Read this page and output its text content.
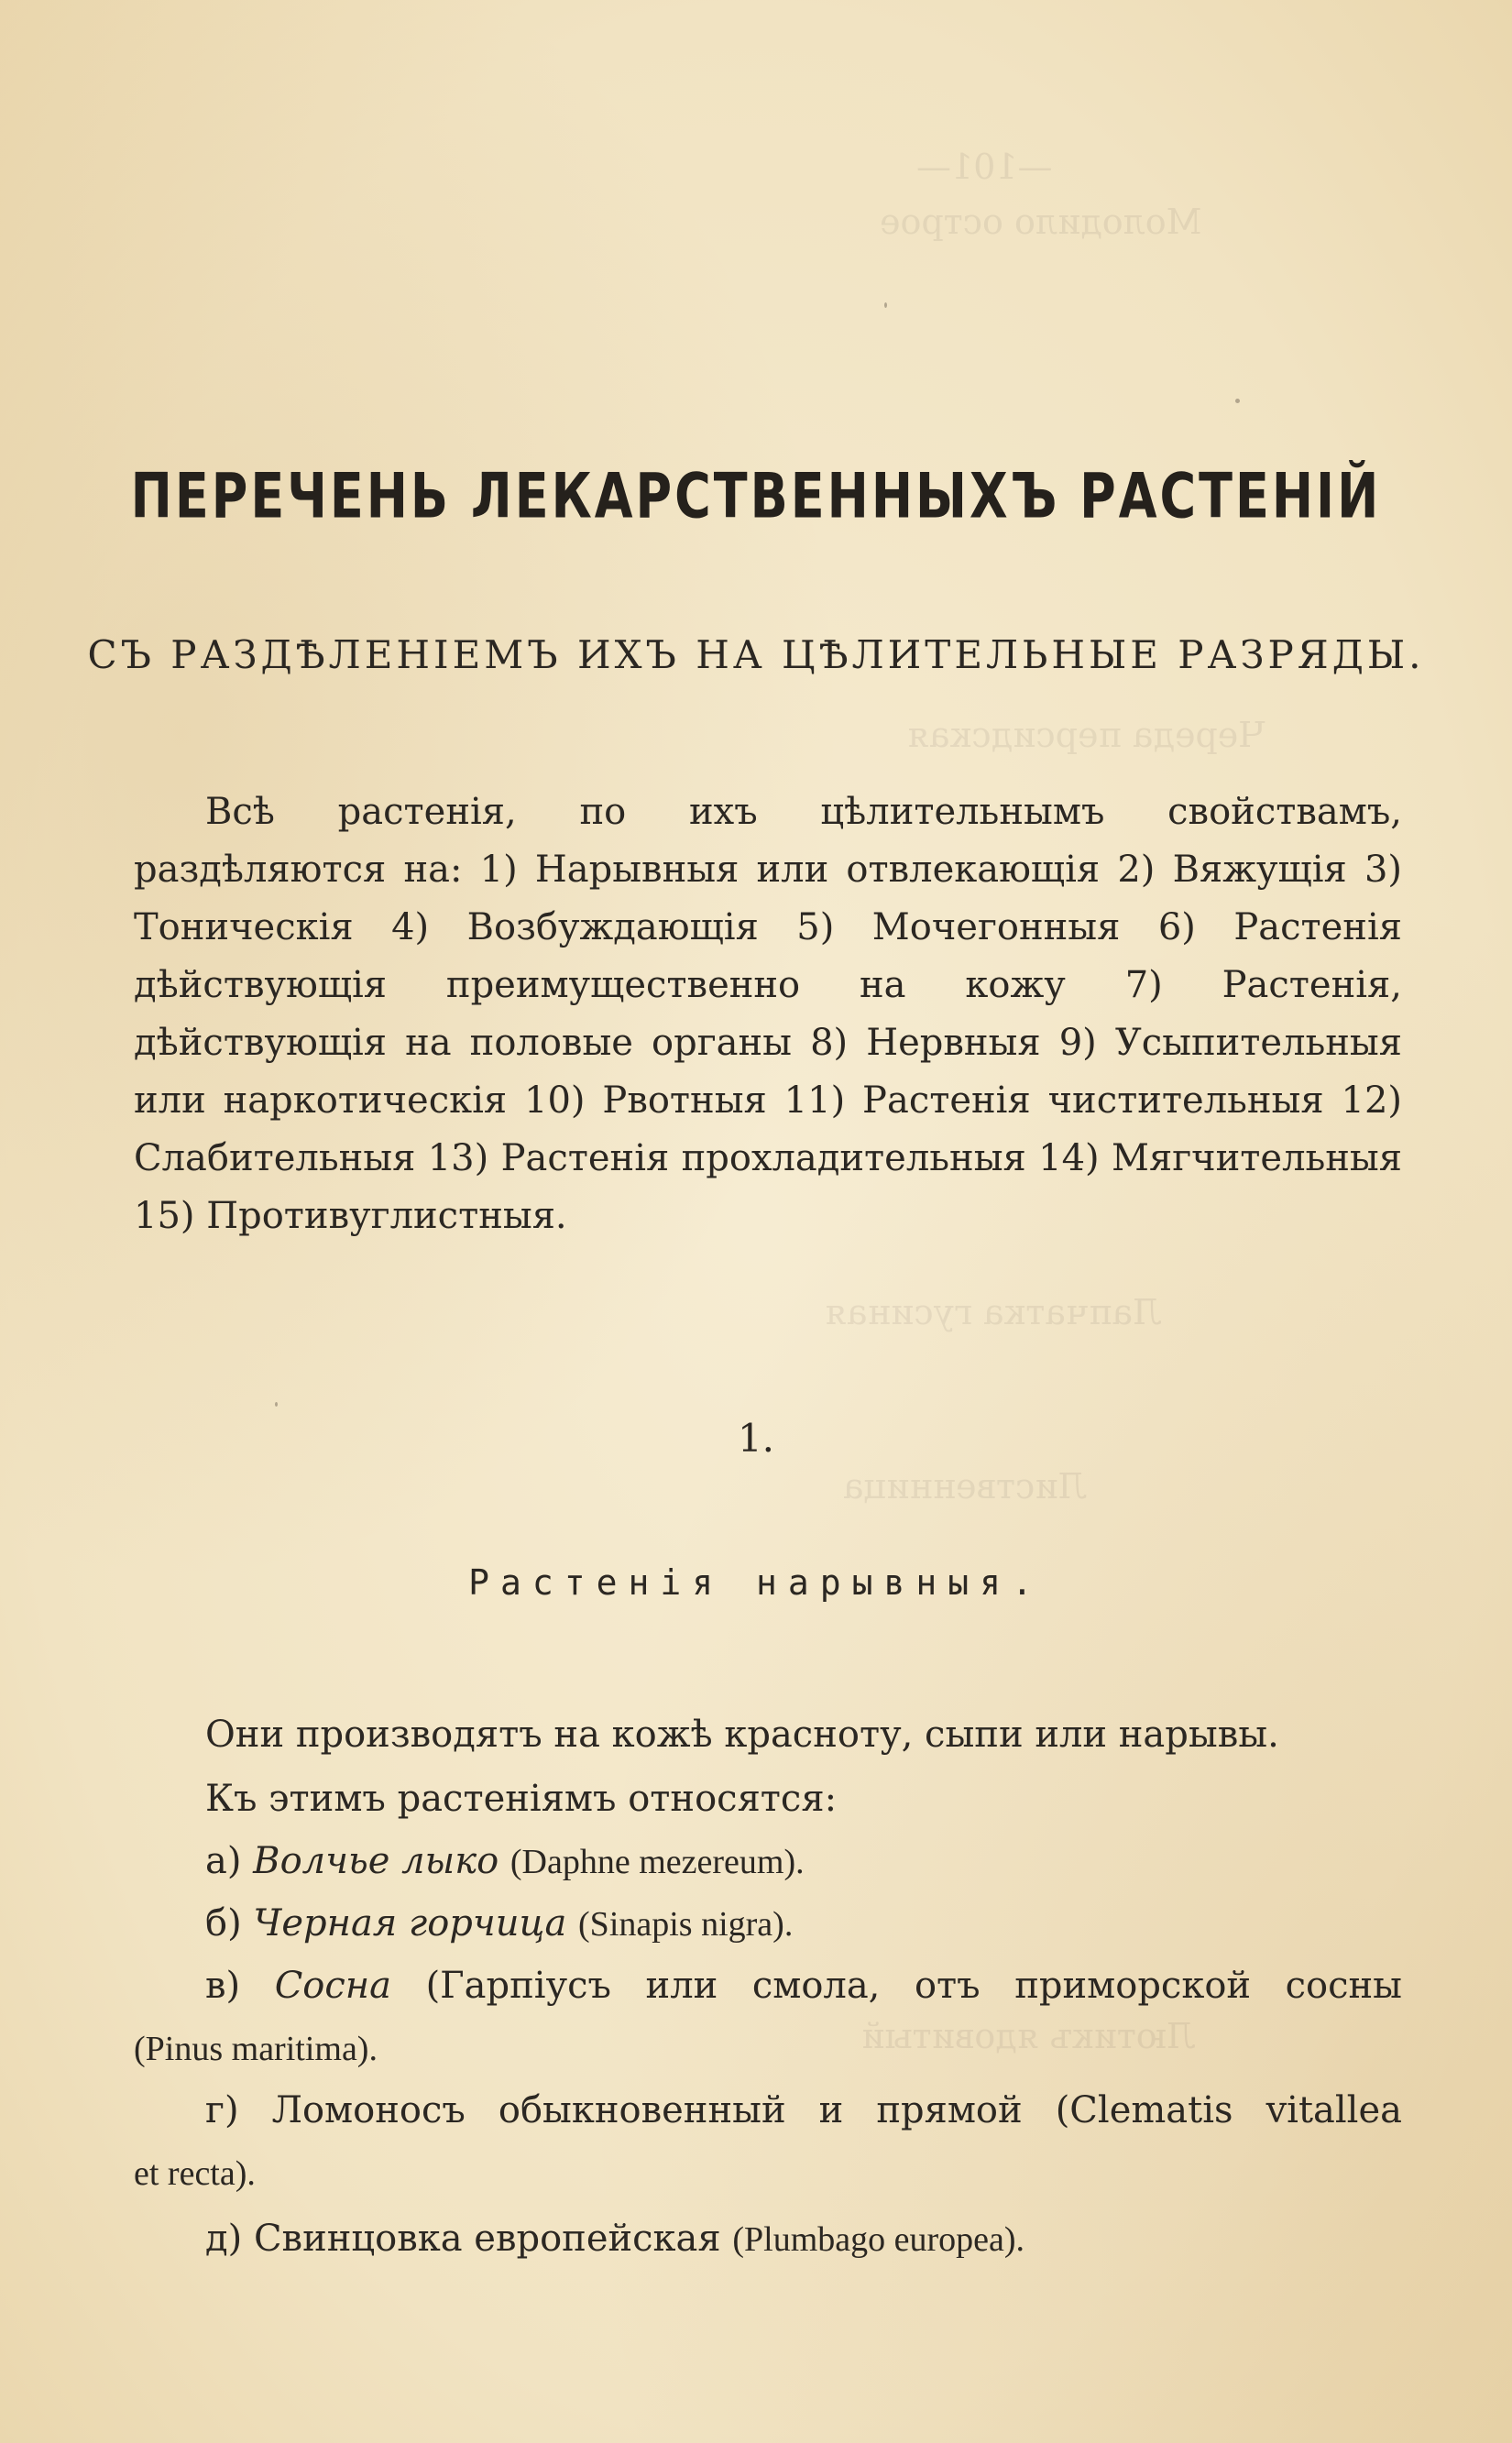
—101—
Молодило острое
Череда персидская
Лапчатка гусиная
Лиственница
Лютикъ ядовитый
ПЕРЕЧЕНЬ ЛЕКАРСТВЕННЫХЪ РАСТЕНІЙ
СЪ РАЗДѢЛЕНІЕМЪ ИХЪ НА ЦѢЛИТЕЛЬНЫЕ РАЗРЯДЫ.
Всѣ растенія, по ихъ цѣлительнымъ свойствамъ, раздѣляются на: 1) Нарывныя или отвлекающія 2) Вяжущія 3) Тоническія 4) Возбуждающія 5) Мочегонныя 6) Растенія дѣйствующія преимущественно на кожу 7) Растенія, дѣйствующія на половые органы 8) Нервныя 9) Усыпительныя или наркотическія 10) Рвотныя 11) Растенія чистительныя 12) Слабительныя 13) Растенія прохладительныя 14) Мягчительныя 15) Противуглистныя.
1.
Растенія нарывныя.
Они производятъ на кожѣ краснoту, сыпи или нарывы.
Къ этимъ растеніямъ относятся:
а) Волчье лыко (Daphne mezereum).
б) Черная горчица (Sinapis nigra).
в) Сосна (Гарпіусъ или смола, отъ приморской сосны
(Pinus maritima).
г) Ломоносъ обыкновенный и прямой (Clematis vitallea
et recta).
д) Свинцовка европейская (Plumbago europea).
